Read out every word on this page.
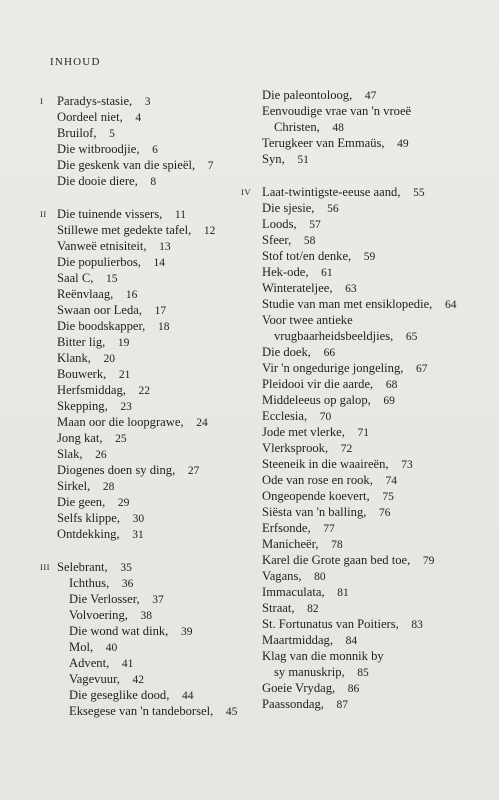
INHOUD
I Paradys-stasie,   3
Oordeel niet,   4
Bruilof,   5
Die witbroodjie,   6
Die geskenk van die spieël,   7
Die dooie diere,   8
II Die tuinende vissers,   11
Stillewe met gedekte tafel,   12
Vanweë etnisiteit,   13
Die populierbos,   14
Saal C,   15
Reënvlaag,   16
Swaan oor Leda,   17
Die boodskapper,   18
Bitter lig,   19
Klank,   20
Bouwerk,   21
Herfsmiddag,   22
Skepping,   23
Maan oor die loopgrawe,   24
Jong kat,   25
Slak,   26
Diogenes doen sy ding,   27
Sirkel,   28
Die geen,   29
Selfs klippe,   30
Ontdekking,   31
III Selebrant,   35
Ichthus,   36
Die Verlosser,   37
Volvoering,   38
Die wond wat dink,   39
Mol,   40
Advent,   41
Vagevuur,   42
Die geseglike dood,   44
Eksegese van 'n tandeborsel,   45
Die paleontoloog,   47
Eenvoudige vrae van 'n vroeë
Christen,   48
Terugkeer van Emmaüs,   49
Syn,   51
IV Laat-twintigste-eeuse aand,   55
Die sjesie,   56
Loods,   57
Sfeer,   58
Stof tot/en denke,   59
Hek-ode,   61
Winterateljee,   63
Studie van man met ensiklopedie,   64
Voor twee antieke
vrugbaarheidsbeeldjies,   65
Die doek,   66
Vir 'n ongedurige jongeling,   67
Pleidooi vir die aarde,   68
Middeleeus op galop,   69
Ecclesia,   70
Jode met vlerke,   71
Vlerksprook,   72
Steeneik in die waaireën,   73
Ode van rose en rook,   74
Ongeopende koevert,   75
Siësta van 'n balling,   76
Erfsonde,   77
Manicheër,   78
Karel die Grote gaan bed toe,   79
Vagans,   80
Immaculata,   81
Straat,   82
St. Fortunatus van Poitiers,   83
Maartmiddag,   84
Klag van die monnik by
sy manuskrip,   85
Goeie Vrydag,   86
Paassondag,   87
